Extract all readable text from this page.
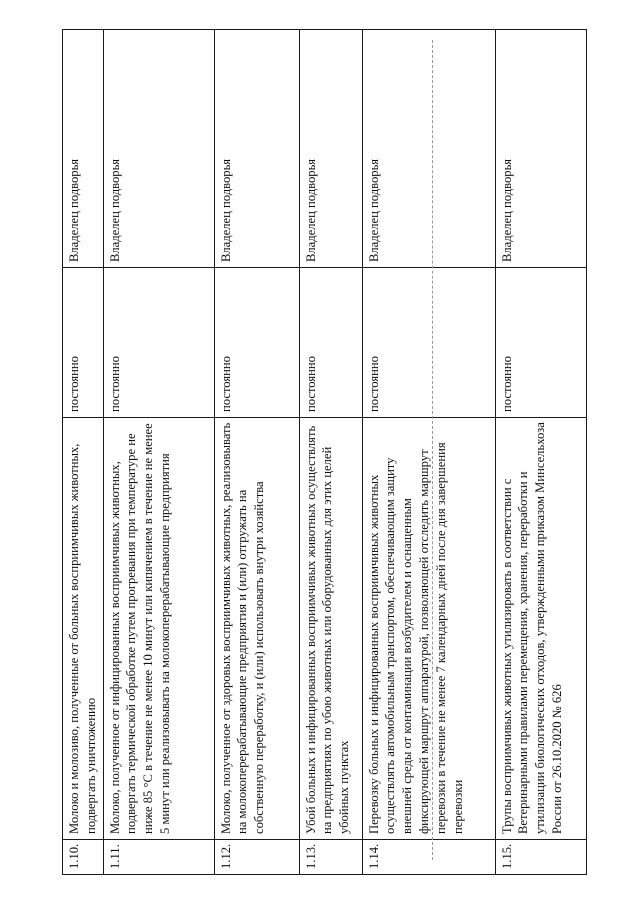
1.10.	Молоко и молозиво, полученные от больных восприимчивых животных, подвергать уничтожению	постоянно	Владелец подворья
1.11.	Молоко, полученное от инфицированных восприимчивых животных, подвергать термической обработке путем прогревания при температуре не ниже 85 °С в течение не менее 10 минут или кипячением в течение не менее 5 минут или реализовывать на молокоперерабатывающие предприятия	постоянно	Владелец подворья
1.12.	Молоко, полученное от здоровых восприимчивых животных, реализовывать на молокоперерабатывающие предприятия и (или) отгружать на собственную переработку, и (или) использовать внутри хозяйства	постоянно	Владелец подворья
1.13.	Убой больных и инфицированных восприимчивых животных осуществлять на предприятиях по убою животных или оборудованных для этих целей убойных пунктах	постоянно	Владелец подворья
1.14.	Перевозку больных и инфицированных восприимчивых животных осуществлять автомобильным транспортом, обеспечивающим защиту внешней среды от контаминации возбудителем и оснащенным фиксирующей маршрут аппаратурой, позволяющей отследить маршрут перевозки в течение не менее 7 календарных дней после дня завершения перевозки	постоянно	Владелец подворья
1.15.	Трупы восприимчивых животных утилизировать в соответствии с Ветеринарными правилами перемещения, хранения, переработки и утилизации биологических отходов, утвержденными приказом Минсельхоза России от 26.10.2020 № 626	постоянно	Владелец подворья
